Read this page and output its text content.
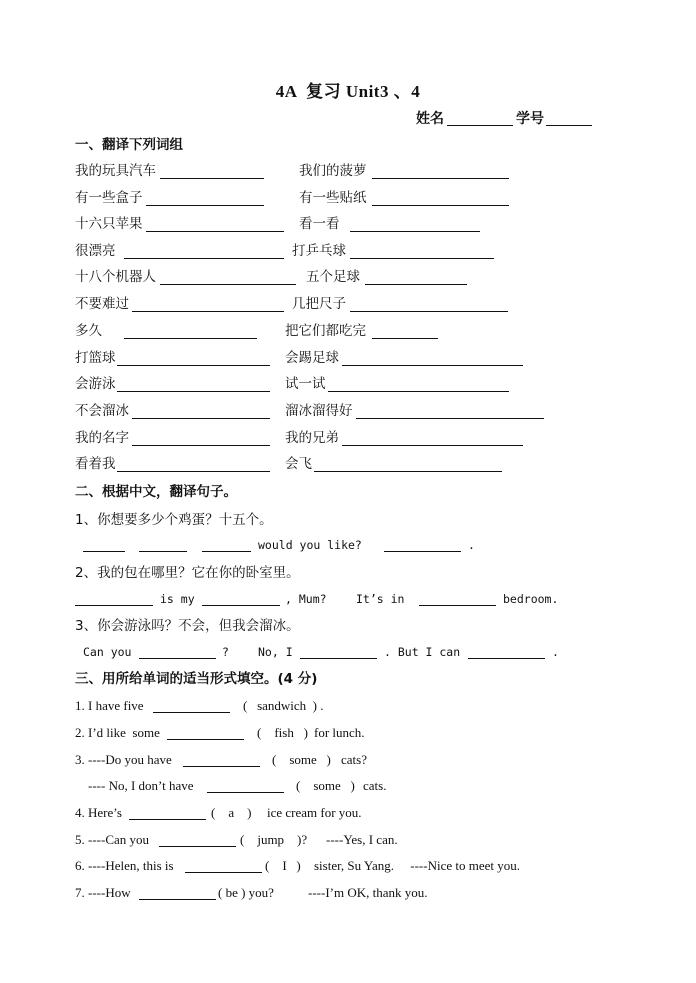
4A  复习 Unit3 、4
姓名	学号
一、翻译下列词组
我的玩具汽车	我们的菠萝
有一些盒子	有一些贴纸
十六只苹果	看一看
很漂亮	打乒乓球
十八个机器人	五个足球
不要难过	几把尺子
多久	把它们都吃完
打篮球	会踢足球
会游泳	试一试
不会溜冰	溜冰溜得好
我的名字	我的兄弟
看着我	会飞
二、根据中文，翻译句子。
1、你想要多少个鸡蛋？十五个。
would you like?	.
2、我的包在哪里？它在你的卧室里。
is my	, Mum?	It’s in	bedroom.
3、你会游泳吗？不会，但我会溜冰。
Can you	?	No, I	. But I can	.
三、用所给单词的适当形式填空。(4 分)
1. I have five	(   sandwich  ) .
2. I’d like  some	(    fish   ) for lunch.
3. ----Do you have	(    some   ) cats?
---- No, I don’t have	(    some   ) cats.
4. Here’s	(    a    ) ice cream for you.
5. ----Can you	(    jump    )? ----Yes, I can.
6. ----Helen, this is	(    I   ) sister, Su Yang.     ----Nice to meet you.
7. ----How	( be ) you?	----I’m OK, thank you.
